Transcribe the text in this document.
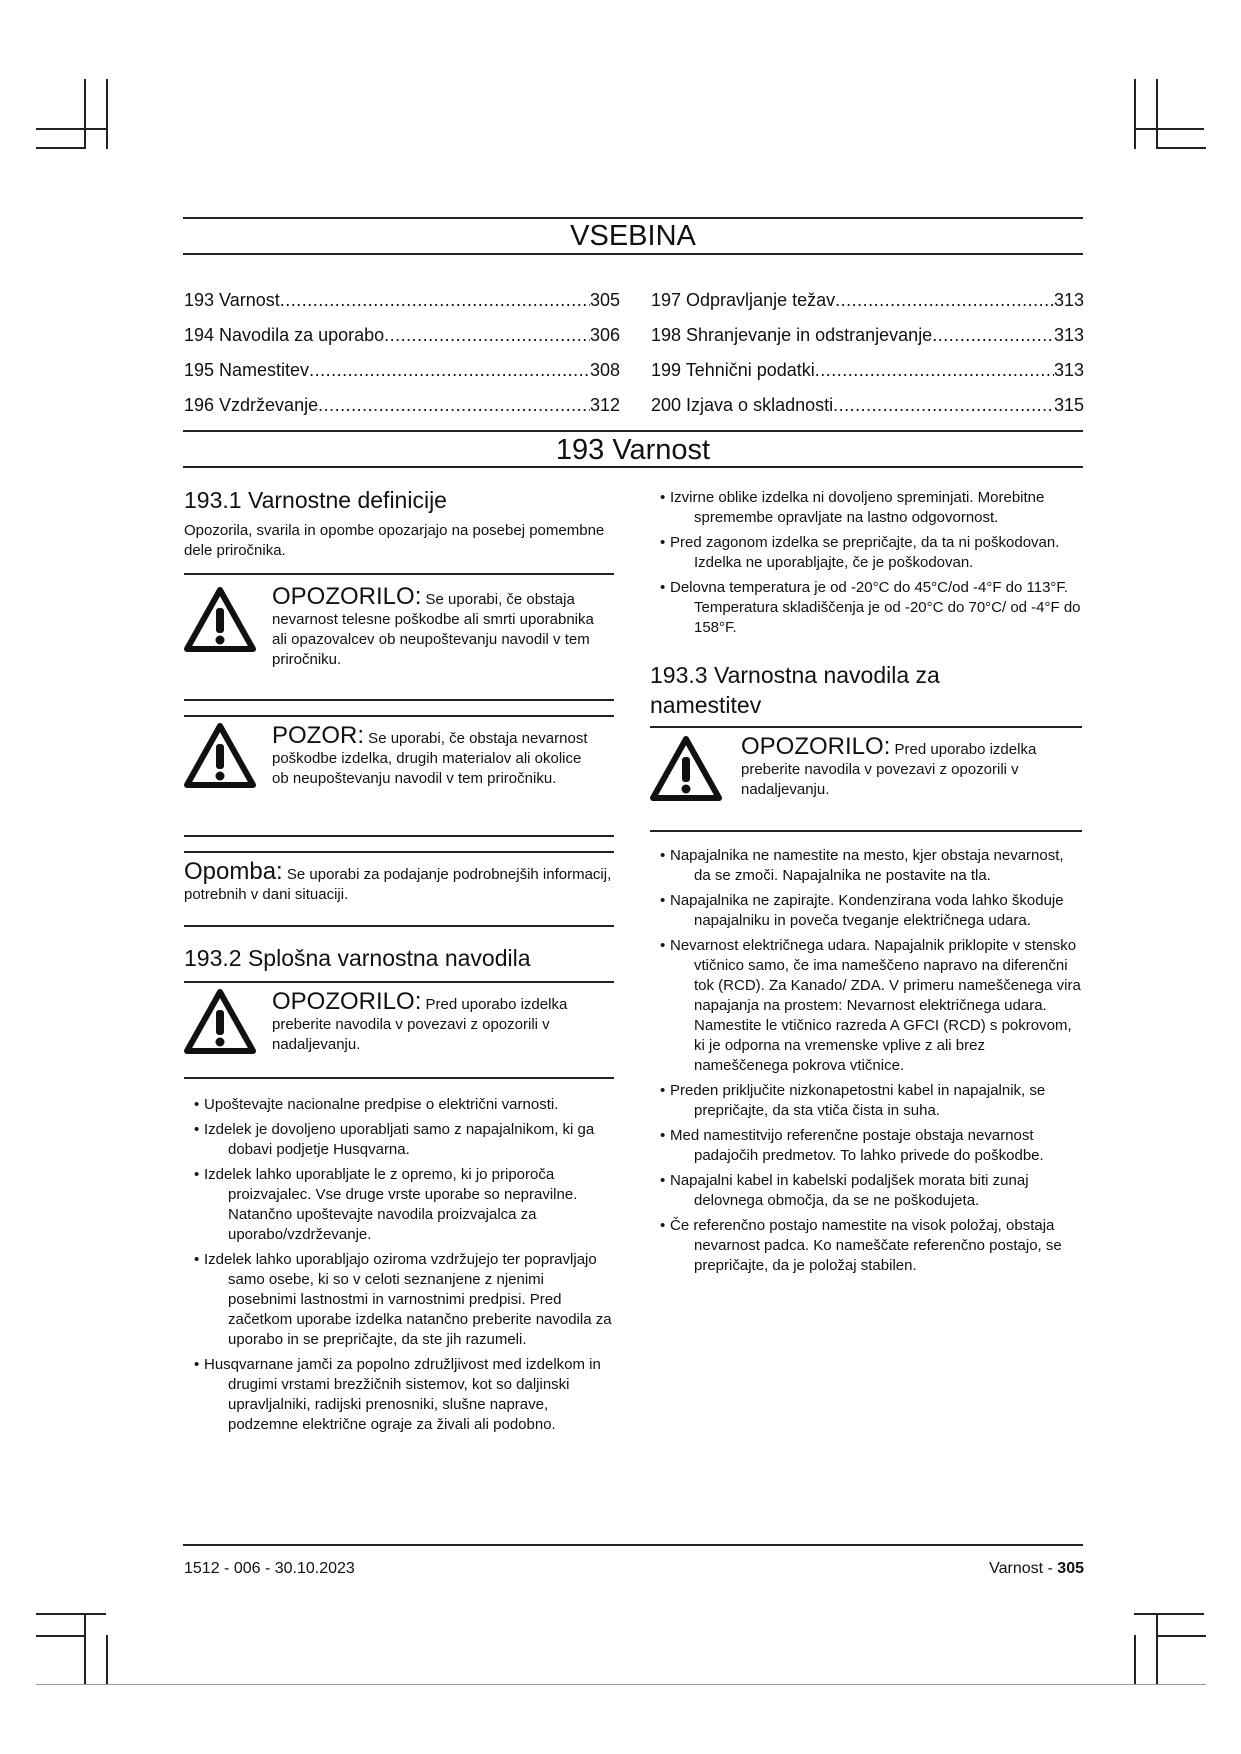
VSEBINA
193 Varnost .....	305
194 Navodila za uporabo .....	306
195 Namestitev .....	308
196 Vzdrževanje .....	312
197 Odpravljanje težav .....	313
198 Shranjevanje in odstranjevanje .....	313
199 Tehnični podatki .....	313
200 Izjava o skladnosti .....	315
193 Varnost
193.1 Varnostne definicije

Opozorila, svarila in opombe opozarjajo na posebej pomembne dele priročnika.

OPOZORILO: Se uporabi, če obstaja nevarnost telesne poškodbe ali smrti uporabnika ali opazovalcev ob neupoštevanju navodil v tem priročniku.
POZOR: Se uporabi, če obstaja nevarnost poškodbe izdelka, drugih materialov ali okolice ob neupoštevanju navodil v tem priročniku.
Opomba: Se uporabi za podajanje podrobnejših informacij, potrebnih v dani situaciji.
193.2 Splošna varnostna navodila
OPOZORILO: Pred uporabo izdelka preberite navodila v povezavi z opozorili v nadaljevanju.
• Upoštevajte nacionalne predpise o električni varnosti.
• Izdelek je dovoljeno uporabljati samo z napajalnikom, ki ga dobavi podjetje Husqvarna.
• Izdelek lahko uporabljate le z opremo, ki jo priporoča proizvajalec. Vse druge vrste uporabe so nepravilne. Natančno upoštevajte navodila proizvajalca za uporabo/vzdrževanje.
• Izdelek lahko uporabljajo oziroma vzdržujejo ter popravljajo samo osebe, ki so v celoti seznanjene z njenimi posebnimi lastnostmi in varnostnimi predpisi. Pred začetkom uporabe izdelka natančno preberite navodila za uporabo in se prepričajte, da ste jih razumeli.
• Husqvarnane jamči za popolno združljivost med izdelkom in drugimi vrstami brezžičnih sistemov, kot so daljinski upravljalniki, radijski prenosniki, slušne naprave, podzemne električne ograje za živali ali podobno.
• Izvirne oblike izdelka ni dovoljeno spreminjati. Morebitne spremembe opravljate na lastno odgovornost.
• Pred zagonom izdelka se prepričajte, da ta ni poškodovan. Izdelka ne uporabljajte, če je poškodovan.
• Delovna temperatura je od -20°C do 45°C/od -4°F do 113°F. Temperatura skladiščenja je od -20°C do 70°C/ od -4°F do 158°F.
193.3 Varnostna navodila za namestitev
OPOZORILO: Pred uporabo izdelka preberite navodila v povezavi z opozorili v nadaljevanju.
• Napajalnika ne namestite na mesto, kjer obstaja nevarnost, da se zmoči. Napajalnika ne postavite na tla.
• Napajalnika ne zapirajte. Kondenzirana voda lahko škoduje napajalniku in poveča tveganje električnega udara.
• Nevarnost električnega udara. Napajalnik priklopite v stensko vtičnico samo, če ima nameščeno napravo na diferenčni tok (RCD). Za Kanado/ ZDA. V primeru nameščenega vira napajanja na prostem: Nevarnost električnega udara. Namestite le vtičnico razreda A GFCI (RCD) s pokrovom, ki je odporna na vremenske vplive z ali brez nameščenega pokrova vtičnice.
• Preden priključite nizkonapetostni kabel in napajalnik, se prepričajte, da sta vtiča čista in suha.
• Med namestitvijo referenčne postaje obstaja nevarnost padajočih predmetov. To lahko privede do poškodbe.
• Napajalni kabel in kabelski podaljšek morata biti zunaj delovnega območja, da se ne poškodujeta.
• Če referenčno postajo namestite na visok položaj, obstaja nevarnost padca. Ko nameščate referenčno postajo, se prepričajte, da je položaj stabilen.
1512 - 006 - 30.10.2023	Varnost - 305
